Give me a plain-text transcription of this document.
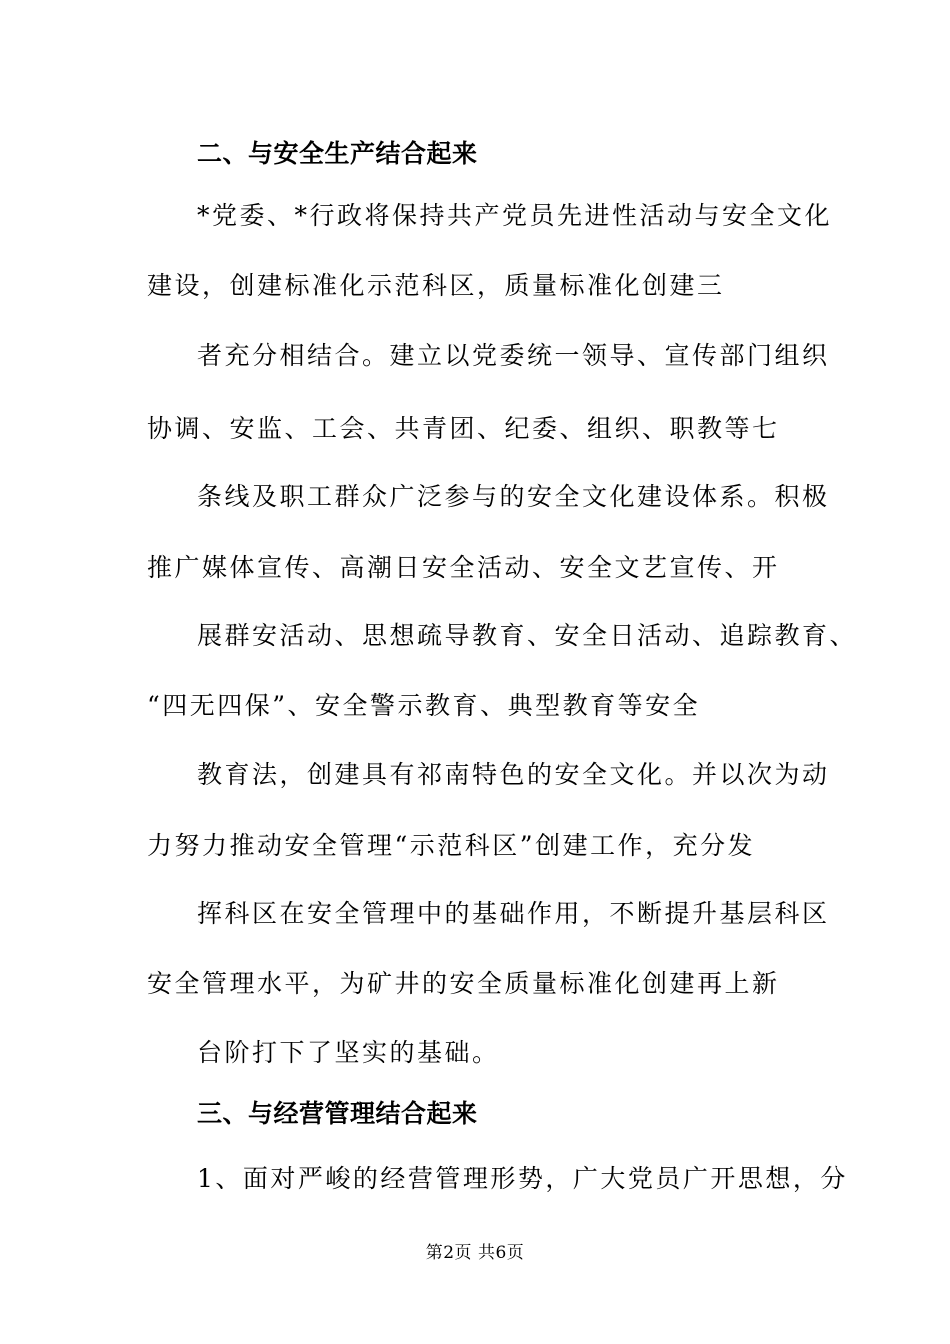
二、与安全生产结合起来
*党委、*行政将保持共产党员先进性活动与安全文化
建设，创建标准化示范科区，质量标准化创建三
者充分相结合。建立以党委统一领导、宣传部门组织
协调、安监、工会、共青团、纪委、组织、职教等七
条线及职工群众广泛参与的安全文化建设体系。积极
推广媒体宣传、高潮日安全活动、安全文艺宣传、开
展群安活动、思想疏导教育、安全日活动、追踪教育、
“四无四保”、安全警示教育、典型教育等安全
教育法，创建具有祁南特色的安全文化。并以次为动
力努力推动安全管理“示范科区”创建工作，充分发
挥科区在安全管理中的基础作用，不断提升基层科区
安全管理水平，为矿井的安全质量标准化创建再上新
台阶打下了坚实的基础。
三、与经营管理结合起来
1、面对严峻的经营管理形势，广大党员广开思想，分
第2页 共6页
